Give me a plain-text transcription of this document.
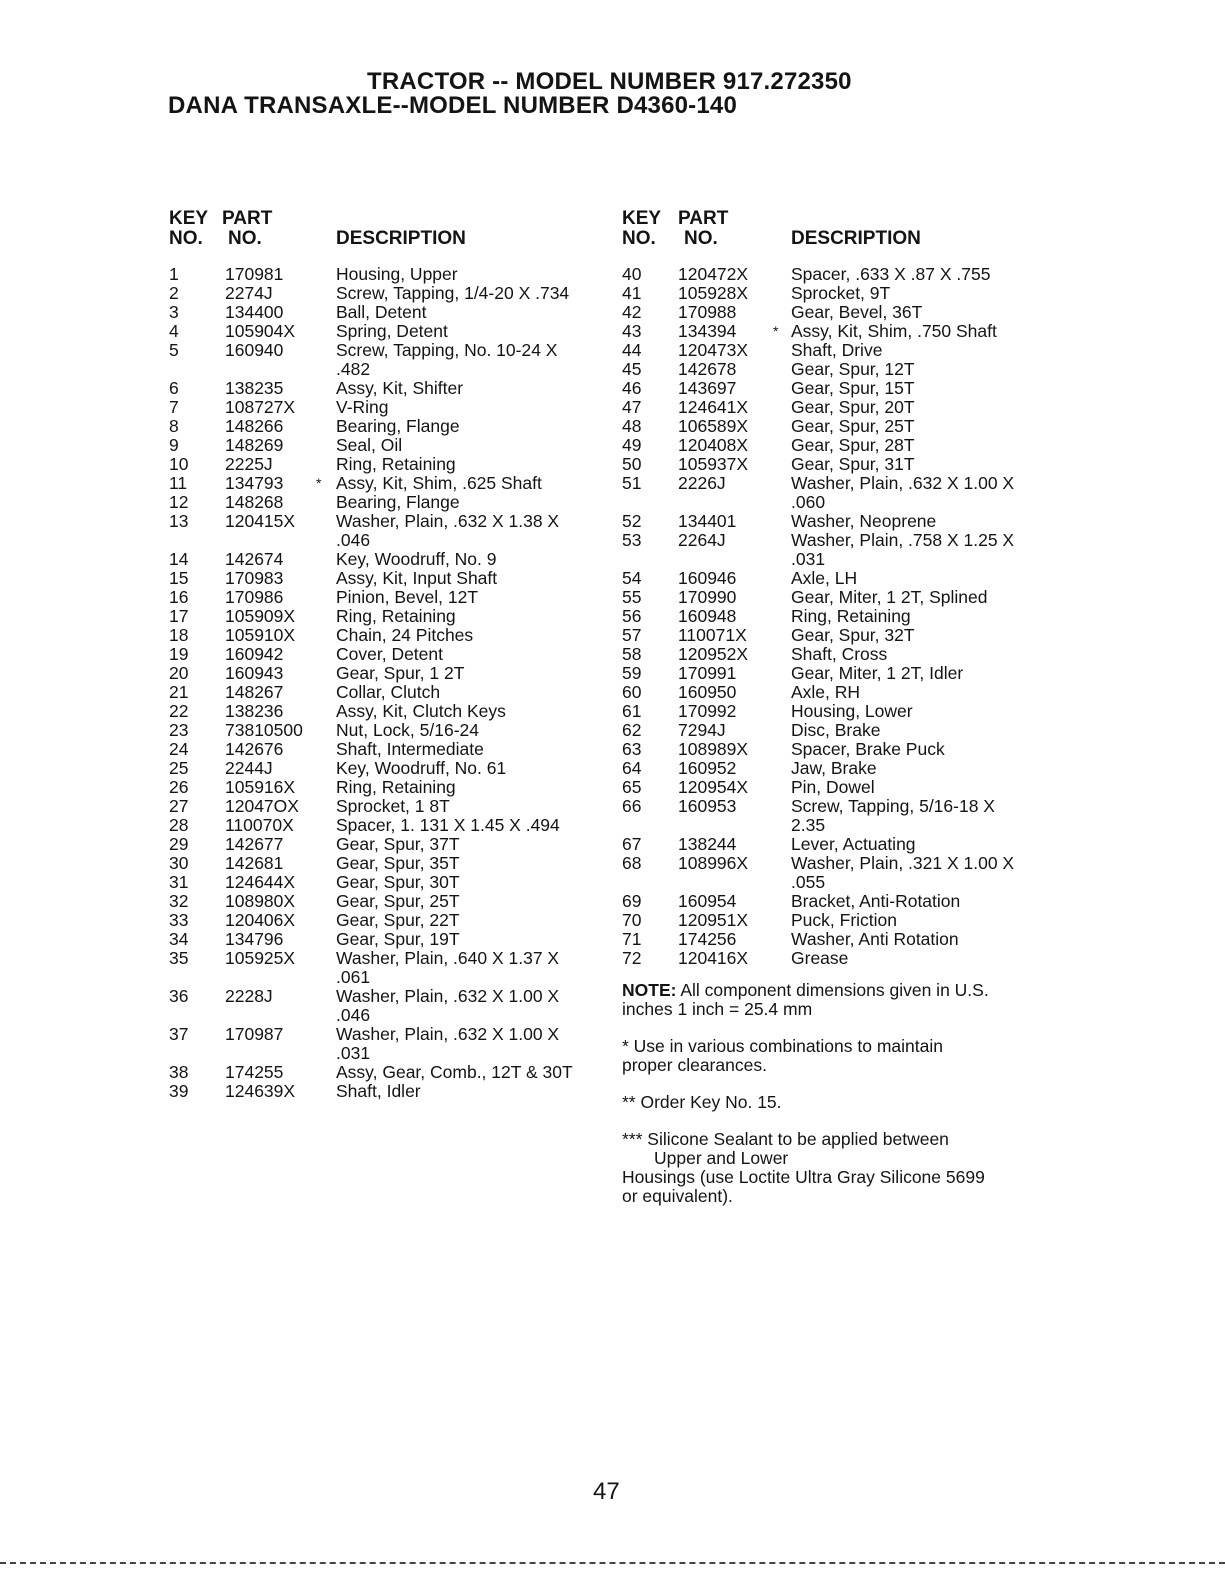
TRACTOR -- MODEL NUMBER 917.272350
DANA TRANSAXLE--MODEL NUMBER D4360-140
KEY
NO.
PART
NO.	DESCRIPTION
KEY
NO.
PART
NO.	DESCRIPTION
1	170981	Housing, Upper
2	2274J	Screw, Tapping, 1/4-20 X .734
3	134400	Ball, Detent
4	105904X Spring, Detent
5	160940	Screw, Tapping, No. 10-24 X
.482
6	138235	Assy, Kit, Shifter
7	108727X V-Ring
8	148266	Bearing, Flange
9	148269	Seal, Oil
10 2225J	Ring, Retaining
11 134793 * Assy, Kit, Shim, .625 Shaft
12 148268	Bearing, Flange
13 120415X Washer, Plain, .632 X 1.38 X
.046
14 142674	Key, Woodruff, No. 9
15 170983	Assy, Kit, Input Shaft
16 170986	Pinion, Bevel, 12T
17 105909X Ring, Retaining
18 105910X Chain, 24 Pitches
19 160942	Cover, Detent
20 160943	Gear, Spur, 1 2T
21 148267	Collar, Clutch
22 138236	Assy, Kit, Clutch Keys
23 73810500 Nut, Lock, 5/16-24
24 142676	Shaft, Intermediate
25 2244J	Key, Woodruff, No. 61
26 105916X Ring, Retaining
27 12047OX Sprocket, 1 8T
28 110070X Spacer, 1. 131 X 1.45 X .494
29 142677	Gear, Spur, 37T
30 142681	Gear, Spur, 35T
31 124644X Gear, Spur, 30T
32 108980X Gear, Spur, 25T
33 120406X Gear, Spur, 22T
34 134796	Gear, Spur, 19T
35 105925X Washer, Plain, .640 X 1.37 X
.061
36 2228J	Washer, Plain, .632 X 1.00 X
.046
37 170987	Washer, Plain, .632 X 1.00 X
.031
38 174255	Assy, Gear, Comb., 12T & 30T
39 124639X Shaft, Idler
40 120472X Spacer, .633 X .87 X .755
41 105928X Sprocket, 9T
42 170988	Gear, Bevel, 36T
43 134394	* Assy, Kit, Shim, .750 Shaft
44 120473X Shaft, Drive
45 142678	Gear, Spur, 12T
46 143697	Gear, Spur, 15T
47 124641X Gear, Spur, 20T
48 106589X Gear, Spur, 25T
49 120408X Gear, Spur, 28T
50 105937X Gear, Spur, 31T
51 2226J	Washer, Plain, .632 X 1.00 X
.060
52 134401	Washer, Neoprene
53 2264J	Washer, Plain, .758 X 1.25 X
.031
54 160946	Axle, LH
55 170990	Gear, Miter, 1 2T, Splined
56 160948	Ring, Retaining
57 110071X	Gear, Spur, 32T
58 120952X Shaft, Cross
59 170991	Gear, Miter, 1 2T, Idler
60 160950	Axle, RH
61 170992	Housing, Lower
62 7294J	Disc, Brake
63 108989X Spacer, Brake Puck
64 160952	Jaw, Brake
65 120954X Pin, Dowel
66 160953	Screw, Tapping, 5/16-18 X
2.35
67 138244	Lever, Actuating
68 108996X Washer, Plain, .321 X 1.00 X
.055
69 160954	Bracket, Anti-Rotation
70 120951X Puck, Friction
71 174256	Washer, Anti Rotation
72 120416X Grease

NOTE: All component dimensions given in U.S.
inches 1 inch = 25.4 mm

* Use in various combinations to maintain
proper clearances.

** Order Key No. 15.

*** Silicone Sealant to be applied between
Upper and Lower
Housings (use Loctite Ultra Gray Silicone 5699
or equivalent).

47
